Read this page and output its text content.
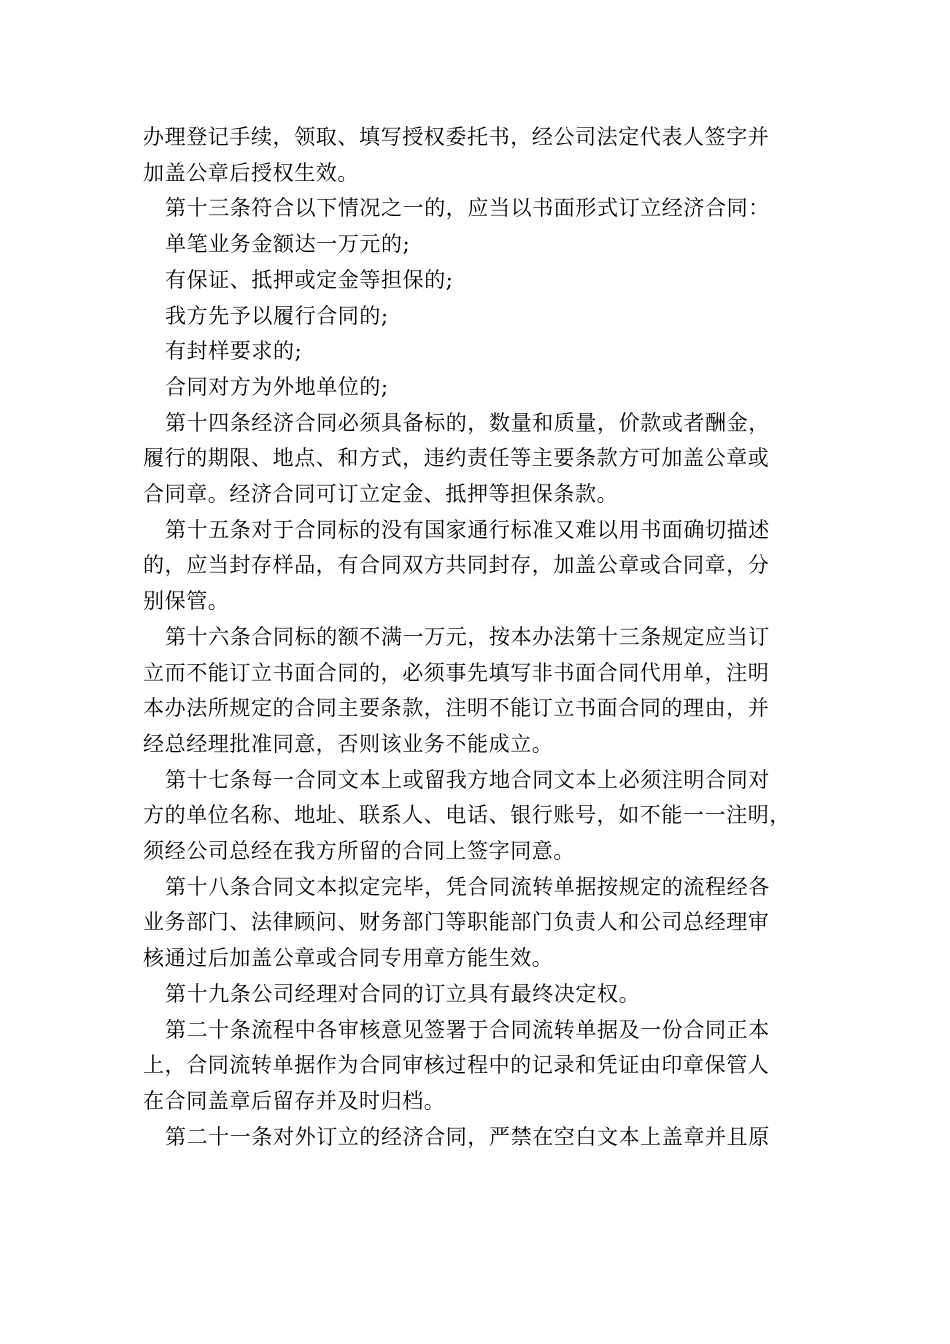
办理登记手续，领取、填写授权委托书，经公司法定代表人签字并
加盖公章后授权生效。

第十三条符合以下情况之一的，应当以书面形式订立经济合同：

单笔业务金额达一万元的;

有保证、抵押或定金等担保的;

我方先予以履行合同的;

有封样要求的;

合同对方为外地单位的;

第十四条经济合同必须具备标的，数量和质量，价款或者酬金，
履行的期限、地点、和方式，违约责任等主要条款方可加盖公章或
合同章。经济合同可订立定金、抵押等担保条款。

第十五条对于合同标的没有国家通行标准又难以用书面确切描述
的，应当封存样品，有合同双方共同封存，加盖公章或合同章，分
别保管。

第十六条合同标的额不满一万元，按本办法第十三条规定应当订
立而不能订立书面合同的，必须事先填写非书面合同代用单，注明
本办法所规定的合同主要条款，注明不能订立书面合同的理由，并
经总经理批准同意，否则该业务不能成立。

第十七条每一合同文本上或留我方地合同文本上必须注明合同对
方的单位名称、地址、联系人、电话、银行账号，如不能一一注明，
须经公司总经在我方所留的合同上签字同意。

第十八条合同文本拟定完毕，凭合同流转单据按规定的流程经各
业务部门、法律顾问、财务部门等职能部门负责人和公司总经理审
核通过后加盖公章或合同专用章方能生效。

第十九条公司经理对合同的订立具有最终决定权。

第二十条流程中各审核意见签署于合同流转单据及一份合同正本
上，合同流转单据作为合同审核过程中的记录和凭证由印章保管人
在合同盖章后留存并及时归档。

第二十一条对外订立的经济合同，严禁在空白文本上盖章并且原
